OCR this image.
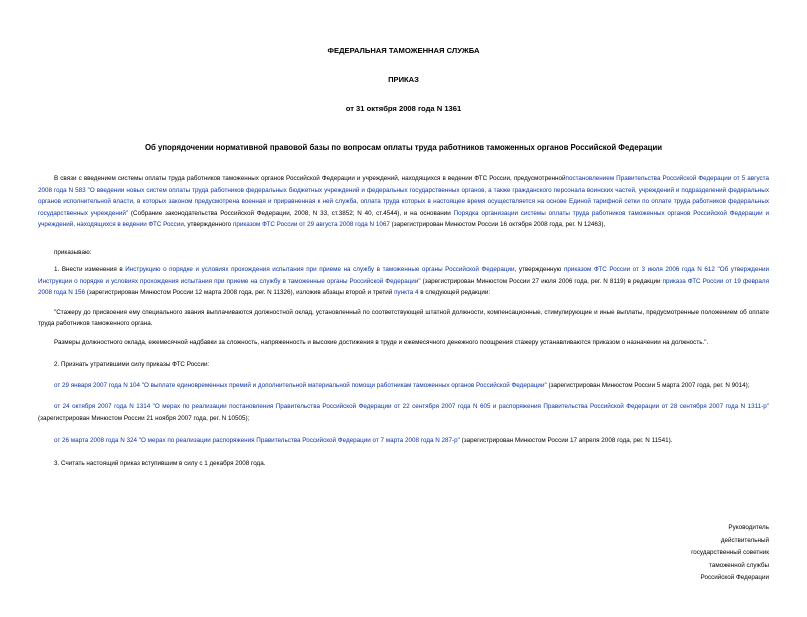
ФЕДЕРАЛЬНАЯ ТАМОЖЕННАЯ СЛУЖБА
ПРИКАЗ
от 31 октября 2008 года N 1361
Об упорядочении нормативной правовой базы по вопросам оплаты труда работников таможенных органов Российской Федерации

В связи с введением системы оплаты труда работников таможенных органов Российской Федерации и учреждений, находящихся в ведении ФТС России, предусмотреннойпостановлением Правительства Российской Федерации от 5 августа 2008 года N 583 "О введении новых систем оплаты труда работников федеральных бюджетных учреждений и федеральных государственных органов, а также гражданского персонала воинских частей, учреждений и подразделений федеральных органов исполнительной власти, в которых законом предусмотрена военная и приравненная к ней служба, оплата труда которых в настоящее время осуществляется на основе Единой тарифной сетки по оплате труда работников федеральных государственных учреждений" (Собрание законодательства Российской Федерации, 2008, N 33, ст.3852; N 40, ст.4544), и на основании Порядка организации системы оплаты труда работников таможенных органов Российской Федерации и учреждений, находящихся в ведении ФТС России, утвержденного приказом ФТС России от 29 августа 2008 года N 1067 (зарегистрирован Минюстом России 16 октября 2008 года, рег. N 12463),

приказываю:

1. Внести изменения в Инструкцию о порядке и условиях прохождения испытания при приеме на службу в таможенные органы Российской Федерации, утвержденную приказом ФТС России от 3 июля 2006 года N 612 "Об утверждении Инструкции о порядке и условиях прохождения испытания при приеме на службу в таможенные органы Российской Федерации" (зарегистрирован Минюстом России 27 июля 2006 года, рег. N 8119) в редакции приказа ФТС России от 19 февраля 2008 года N 156 (зарегистрирован Минюстом России 12 марта 2008 года, рег. N 11326), изложив абзацы второй и третий пункта 4 в следующей редакции:

"Стажеру до присвоения ему специального звания выплачиваются должностной оклад, установленный по соответствующей штатной должности, компенсационные, стимулирующие и иные выплаты, предусмотренные положением об оплате труда работников таможенного органа.

Размеры должностного оклада, ежемесячной надбавки за сложность, напряженность и высокие достижения в труде и ежемесячного денежного поощрения стажеру устанавливаются приказом о назначении на должность.".

2. Признать утратившими силу приказы ФТС России:

от 29 января 2007 года N 104 "О выплате единовременных премий и дополнительной материальной помощи работникам таможенных органов Российской Федерации" (зарегистрирован Минюстом России 5 марта 2007 года, рег. N 9014);

от 24 октября 2007 года N 1314 "О мерах по реализации постановления Правительства Российской Федерации от 22 сентября 2007 года N 605 и распоряжения Правительства Российской Федерации от 28 сентября 2007 года N 1311-р" (зарегистрирован Минюстом России 21 ноября 2007 года, рег. N 10505);

от 26 марта 2008 года N 324 "О мерах по реализации распоряжения Правительства Российской Федерации от 7 марта 2008 года N 287-р" (зарегистрирован Минюстом России 17 апреля 2008 года, рег. N 11541).

3. Считать настоящий приказ вступившим в силу с 1 декабря 2008 года.

Руководитель
действительный
государственный советник
таможенной службы
Российской Федерации
